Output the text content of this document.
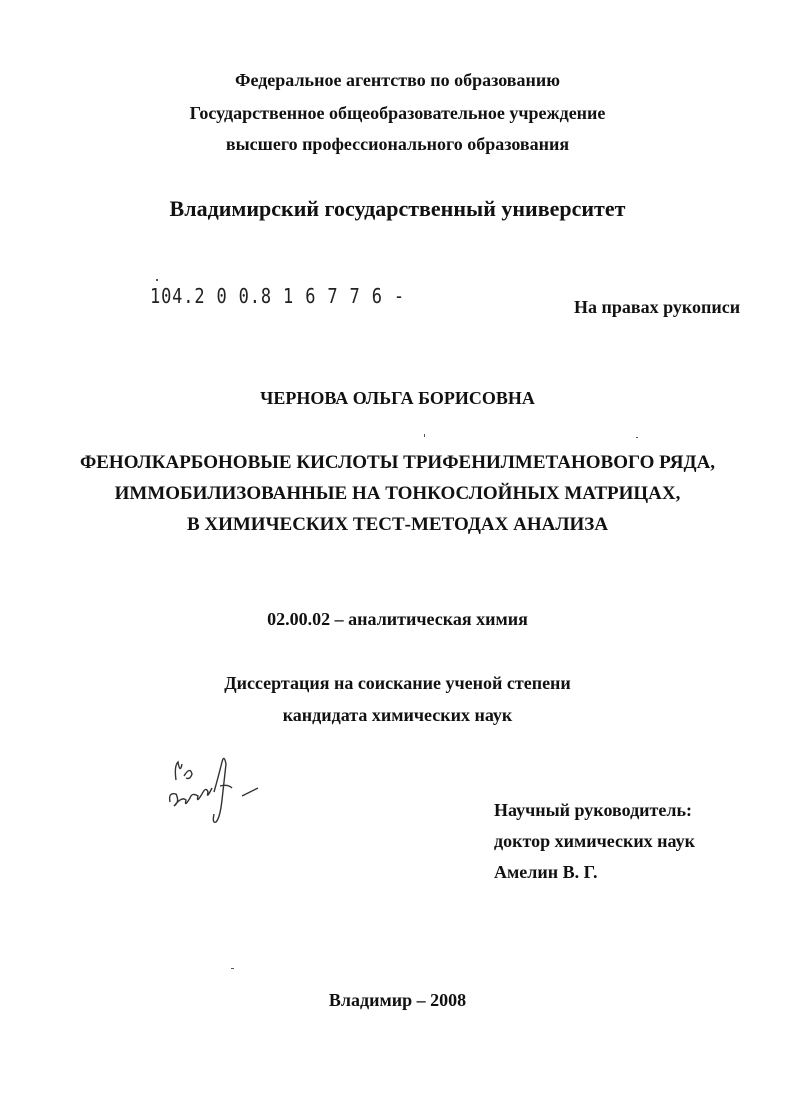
Федеральное агентство по образованию
Государственное общеобразовательное учреждение
высшего профессионального образования
Владимирский государственный университет
104.2 0 0.8 1 6 7 7 6 -	На правах рукописи
ЧЕРНОВА ОЛЬГА БОРИСОВНА
ФЕНОЛКАРБОНОВЫЕ КИСЛОТЫ ТРИФЕНИЛМЕТАНОВОГО РЯДА,
ИММОБИЛИЗОВАННЫЕ НА ТОНКОСЛОЙНЫХ МАТРИЦАХ,
В ХИМИЧЕСКИХ ТЕСТ-МЕТОДАХ АНАЛИЗА
02.00.02 – аналитическая химия
Диссертация на соискание ученой степени
кандидата химических наук
Научный руководитель:
доктор химических наук
Амелин В. Г.
Владимир – 2008
